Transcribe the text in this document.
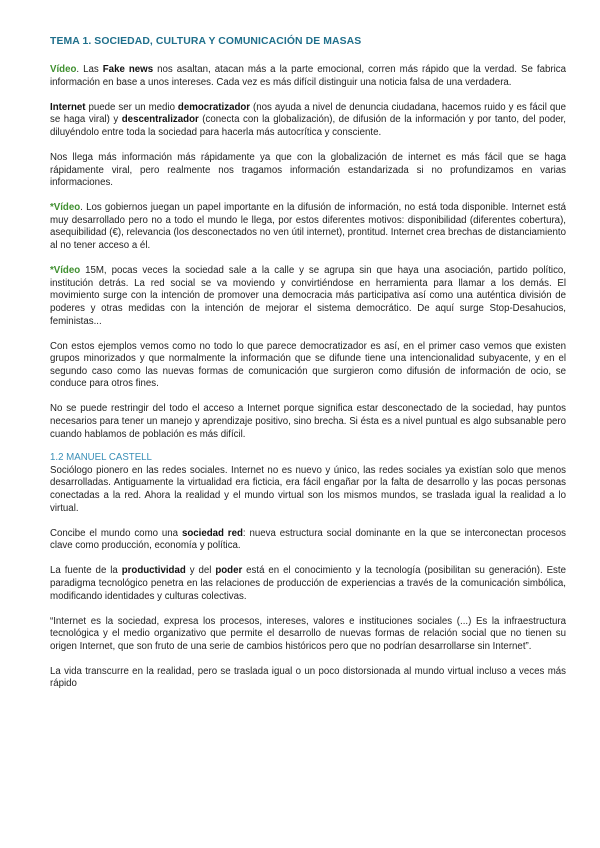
TEMA 1. SOCIEDAD, CULTURA Y COMUNICACIÓN DE MASAS

Vídeo. Las Fake news nos asaltan, atacan más a la parte emocional, corren más rápido que la verdad. Se fabrica información en base a unos intereses. Cada vez es más difícil distinguir una noticia falsa de una verdadera.

Internet puede ser un medio democratizador (nos ayuda a nivel de denuncia ciudadana, hacemos ruido y es fácil que se haga viral) y descentralizador (conecta con la globalización), de difusión de la información y por tanto, del poder, diluyéndolo entre toda la sociedad para hacerla más autocrítica y consciente.

Nos llega más información más rápidamente ya que con la globalización de internet es más fácil que se haga rápidamente viral, pero realmente nos tragamos información estandarizada si no profundizamos en varias informaciones.

*Vídeo. Los gobiernos juegan un papel importante en la difusión de información, no está toda disponible. Internet está muy desarrollado pero no a todo el mundo le llega, por estos diferentes motivos: disponibilidad (diferentes cobertura), asequibilidad (€), relevancia (los desconectados no ven útil internet), prontitud. Internet crea brechas de distanciamiento al no tener acceso a él.

*Vídeo 15M, pocas veces la sociedad sale a la calle y se agrupa sin que haya una asociación, partido político, institución detrás. La red social se va moviendo y convirtiéndose en herramienta para llamar a los demás. El movimiento surge con la intención de promover una democracia más participativa así como una auténtica división de poderes y otras medidas con la intención de mejorar el sistema democrático. De aquí surge Stop-Desahucios, feministas...

Con estos ejemplos vemos como no todo lo que parece democratizador es así, en el primer caso vemos que existen grupos minorizados y que normalmente la información que se difunde tiene una intencionalidad subyacente, y en el segundo caso como las nuevas formas de comunicación que surgieron como difusión de información de ocio, se conduce para otros fines.

No se puede restringir del todo el acceso a Internet porque significa estar desconectado de la sociedad, hay puntos necesarios para tener un manejo y aprendizaje positivo, sino brecha. Si ésta es a nivel puntual es algo subsanable pero cuando hablamos de población es más difícil.

1.2 MANUEL CASTELL

Sociólogo pionero en las redes sociales. Internet no es nuevo y único, las redes sociales ya existían solo que menos desarrolladas. Antiguamente la virtualidad era ficticia, era fácil engañar por la falta de desarrollo y las pocas personas conectadas a la red. Ahora la realidad y el mundo virtual son los mismos mundos, se traslada igual la realidad a lo virtual.

Concibe el mundo como una sociedad red: nueva estructura social dominante en la que se interconectan procesos clave como producción, economía y política.

La fuente de la productividad y del poder está en el conocimiento y la tecnología (posibilitan su generación). Este paradigma tecnológico penetra en las relaciones de producción de experiencias a través de la comunicación simbólica, modificando identidades y culturas colectivas.

“Internet es la sociedad, expresa los procesos, intereses, valores e instituciones sociales (...) Es la infraestructura tecnológica y el medio organizativo que permite el desarrollo de nuevas formas de relación social que no tienen su origen Internet, que son fruto de una serie de cambios históricos pero que no podrían desarrollarse sin Internet”.

La vida transcurre en la realidad, pero se traslada igual o un poco distorsionada al mundo virtual incluso a veces más rápido
